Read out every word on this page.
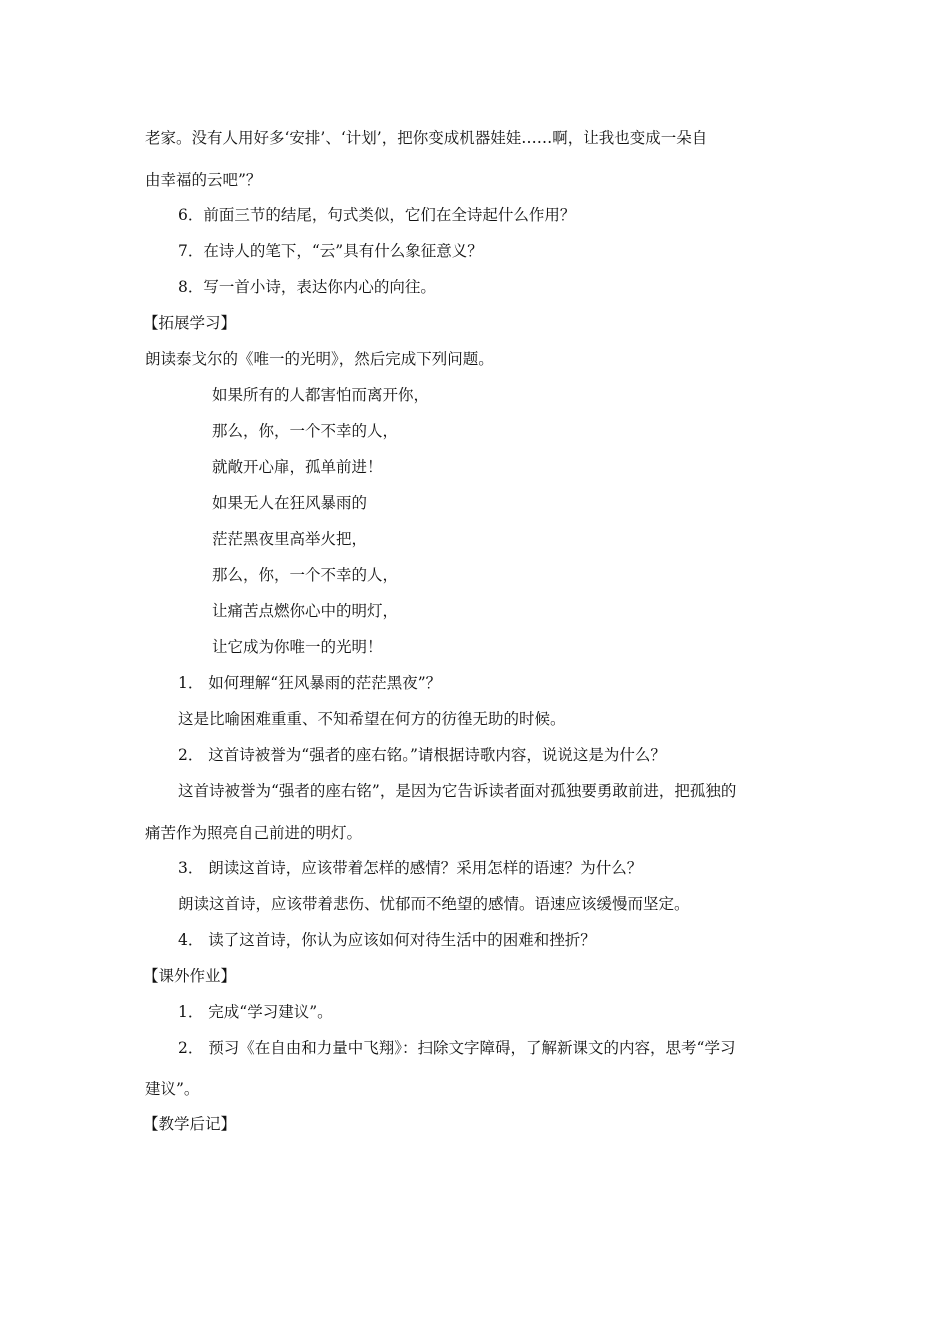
老家。没有人用好多‘安排’、‘计划’，把你变成机器娃娃……啊，让我也变成一朵自
由幸福的云吧”？
6．前面三节的结尾，句式类似，它们在全诗起什么作用？
7．在诗人的笔下，“云”具有什么象征意义？
8．写一首小诗，表达你内心的向往。
【拓展学习】
朗读泰戈尔的《唯一的光明》，然后完成下列问题。
如果所有的人都害怕而离开你，
那么，你，一个不幸的人，
就敞开心扉，孤单前进！
如果无人在狂风暴雨的
茫茫黑夜里高举火把，
那么，你，一个不幸的人，
让痛苦点燃你心中的明灯，
让它成为你唯一的光明！
1． 如何理解“狂风暴雨的茫茫黑夜”？
这是比喻困难重重、不知希望在何方的彷徨无助的时候。
2． 这首诗被誉为“强者的座右铭。”请根据诗歌内容，说说这是为什么？
这首诗被誉为“强者的座右铭”，是因为它告诉读者面对孤独要勇敢前进，把孤独的
痛苦作为照亮自己前进的明灯。
3． 朗读这首诗，应该带着怎样的感情？采用怎样的语速？为什么？
朗读这首诗，应该带着悲伤、忧郁而不绝望的感情。语速应该缓慢而坚定。
4． 读了这首诗，你认为应该如何对待生活中的困难和挫折？
【课外作业】
1． 完成“学习建议”。
2． 预习《在自由和力量中飞翔》：扫除文字障碍，了解新课文的内容，思考“学习
建议”。
【教学后记】
